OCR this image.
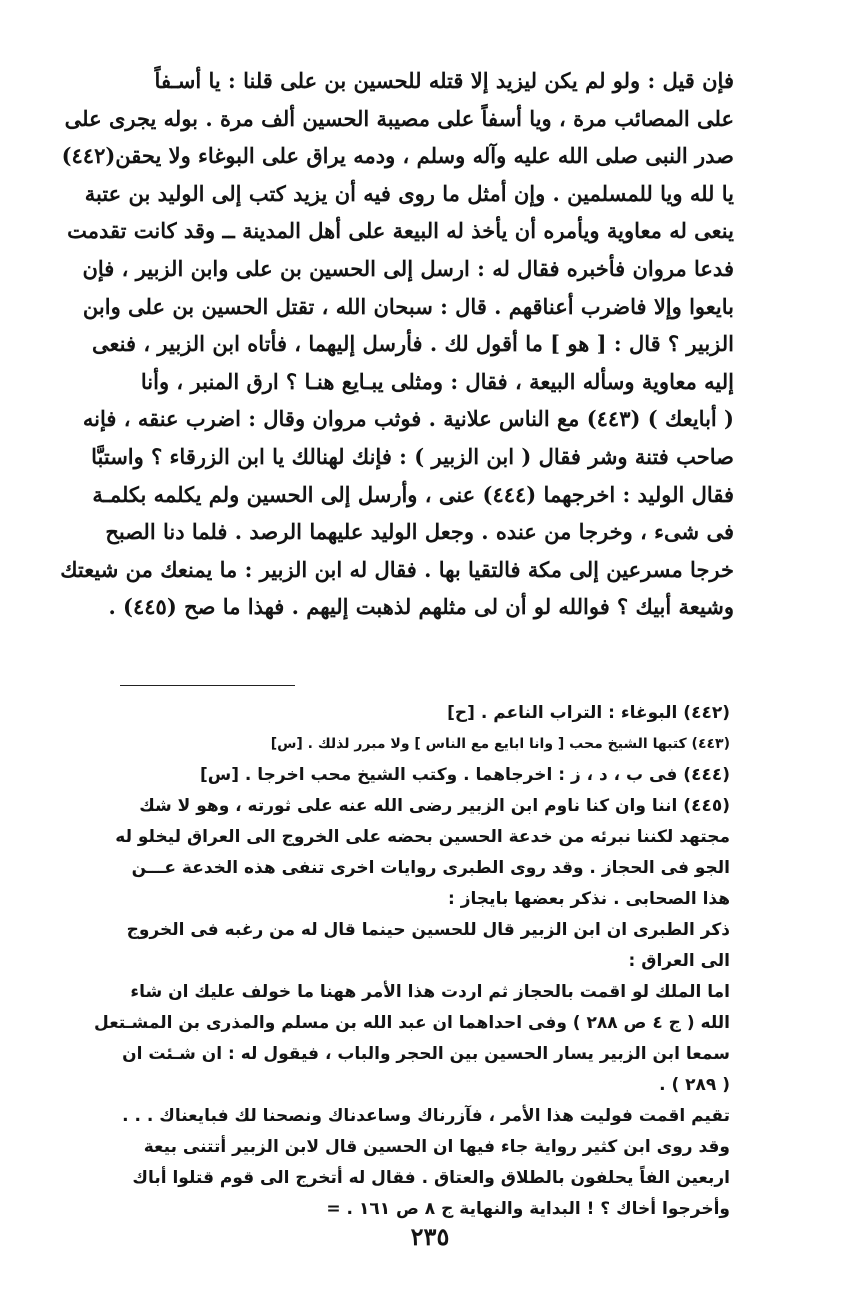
فإن قيل : ولو لم يكن ليزيد إلا قتله للحسين بن على قلنا : يا أسـفاً
على المصائب مرة ، ويا أسفاً على مصيبة الحسين ألف مرة . بوله يجرى على
صدر النبى صلى الله عليه وآله وسلم ، ودمه يراق على البوغاء ولا يحقن(٤٤٢)
يا لله ويا للمسلمين . وإن أمثل ما روى فيه أن يزيد كتب إلى الوليد بن عتبة
ينعى له معاوية ويأمره أن يأخذ له البيعة على أهل المدينة ــ وقد كانت تقدمت
فدعا مروان فأخبره فقال له : ارسل إلى الحسين بن على وابن الزبير ، فإن
بايعوا وإلا فاضرب أعناقهم . قال : سبحان الله ، تقتل الحسين بن على وابن
الزبير ؟ قال : [ هو ] ما أقول لك . فأرسل إليهما ، فأتاه ابن الزبير ، فنعى
إليه معاوية وسأله البيعة ، فقال : ومثلى يبـايع هنـا ؟ ارق المنبر ، وأنا
( أبايعك ) (٤٤٣) مع الناس علانية . فوثب مروان وقال : اضرب عنقه ، فإنه
صاحب فتنة وشر فقال ( ابن الزبير ) : فإنك لهنالك يا ابن الزرقاء ؟ واستبَّا
فقال الوليد : اخرجهما (٤٤٤) عنى ، وأرسل إلى الحسين ولم يكلمه بكلمـة
فى شىء ، وخرجا من عنده . وجعل الوليد عليهما الرصد . فلما دنا الصبح
خرجا مسرعين إلى مكة فالتقيا بها . فقال له ابن الزبير : ما يمنعك من شيعتك
وشيعة أبيك ؟ فوالله لو أن لى مثلهم لذهبت إليهم . فهذا ما صح (٤٤٥) .
(٤٤٢) البوغاء : التراب الناعم . [ح]
(٤٤٣) كتبها الشيخ محب [ وانا ابايع مع الناس ] ولا مبرر لذلك . [س]
(٤٤٤) فى ب ، د ، ز : اخرجاهما . وكتب الشيخ محب اخرجا . [س]
(٤٤٥) اننا وان كنا ناوم ابن الزبير رضى الله عنه على ثورته ، وهو لا شك
مجتهد لكننا نبرئه من خدعة الحسين بحضه على الخروج الى العراق ليخلو له
الجو فى الحجاز . وقد روى الطبرى روايات اخرى تنفى هذه الخدعة عـــن
هذا الصحابى . نذكر بعضها بايجاز :
ذكر الطبرى ان ابن الزبير قال للحسين حينما قال له من رغبه فى الخروج
الى العراق :
اما الملك لو اقمت بالحجاز ثم اردت هذا الأمر ههنا ما خولف عليك ان شاء
الله ( ج ٤ ص ٢٨٨ ) وفى احداهما ان عبد الله بن مسلم والمذرى بن المشـتعل
سمعا ابن الزبير يسار الحسين بين الحجر والباب ، فيقول له : ان شـئت ان
( ٢٨٩ ) .
تقيم اقمت فوليت هذا الأمر ، فآزرناك وساعدناك ونصحنا لك فبايعناك . . .
وقد روى ابن كثير رواية جاء فيها ان الحسين قال لابن الزبير أتتنى بيعة
اربعين الفاً يحلفون بالطلاق والعتاق . فقال له أتخرج الى قوم قتلوا أباك
وأخرجوا أخاك ؟ ! البداية والنهاية ج ٨ ص ١٦١ . =
٢٣٥
